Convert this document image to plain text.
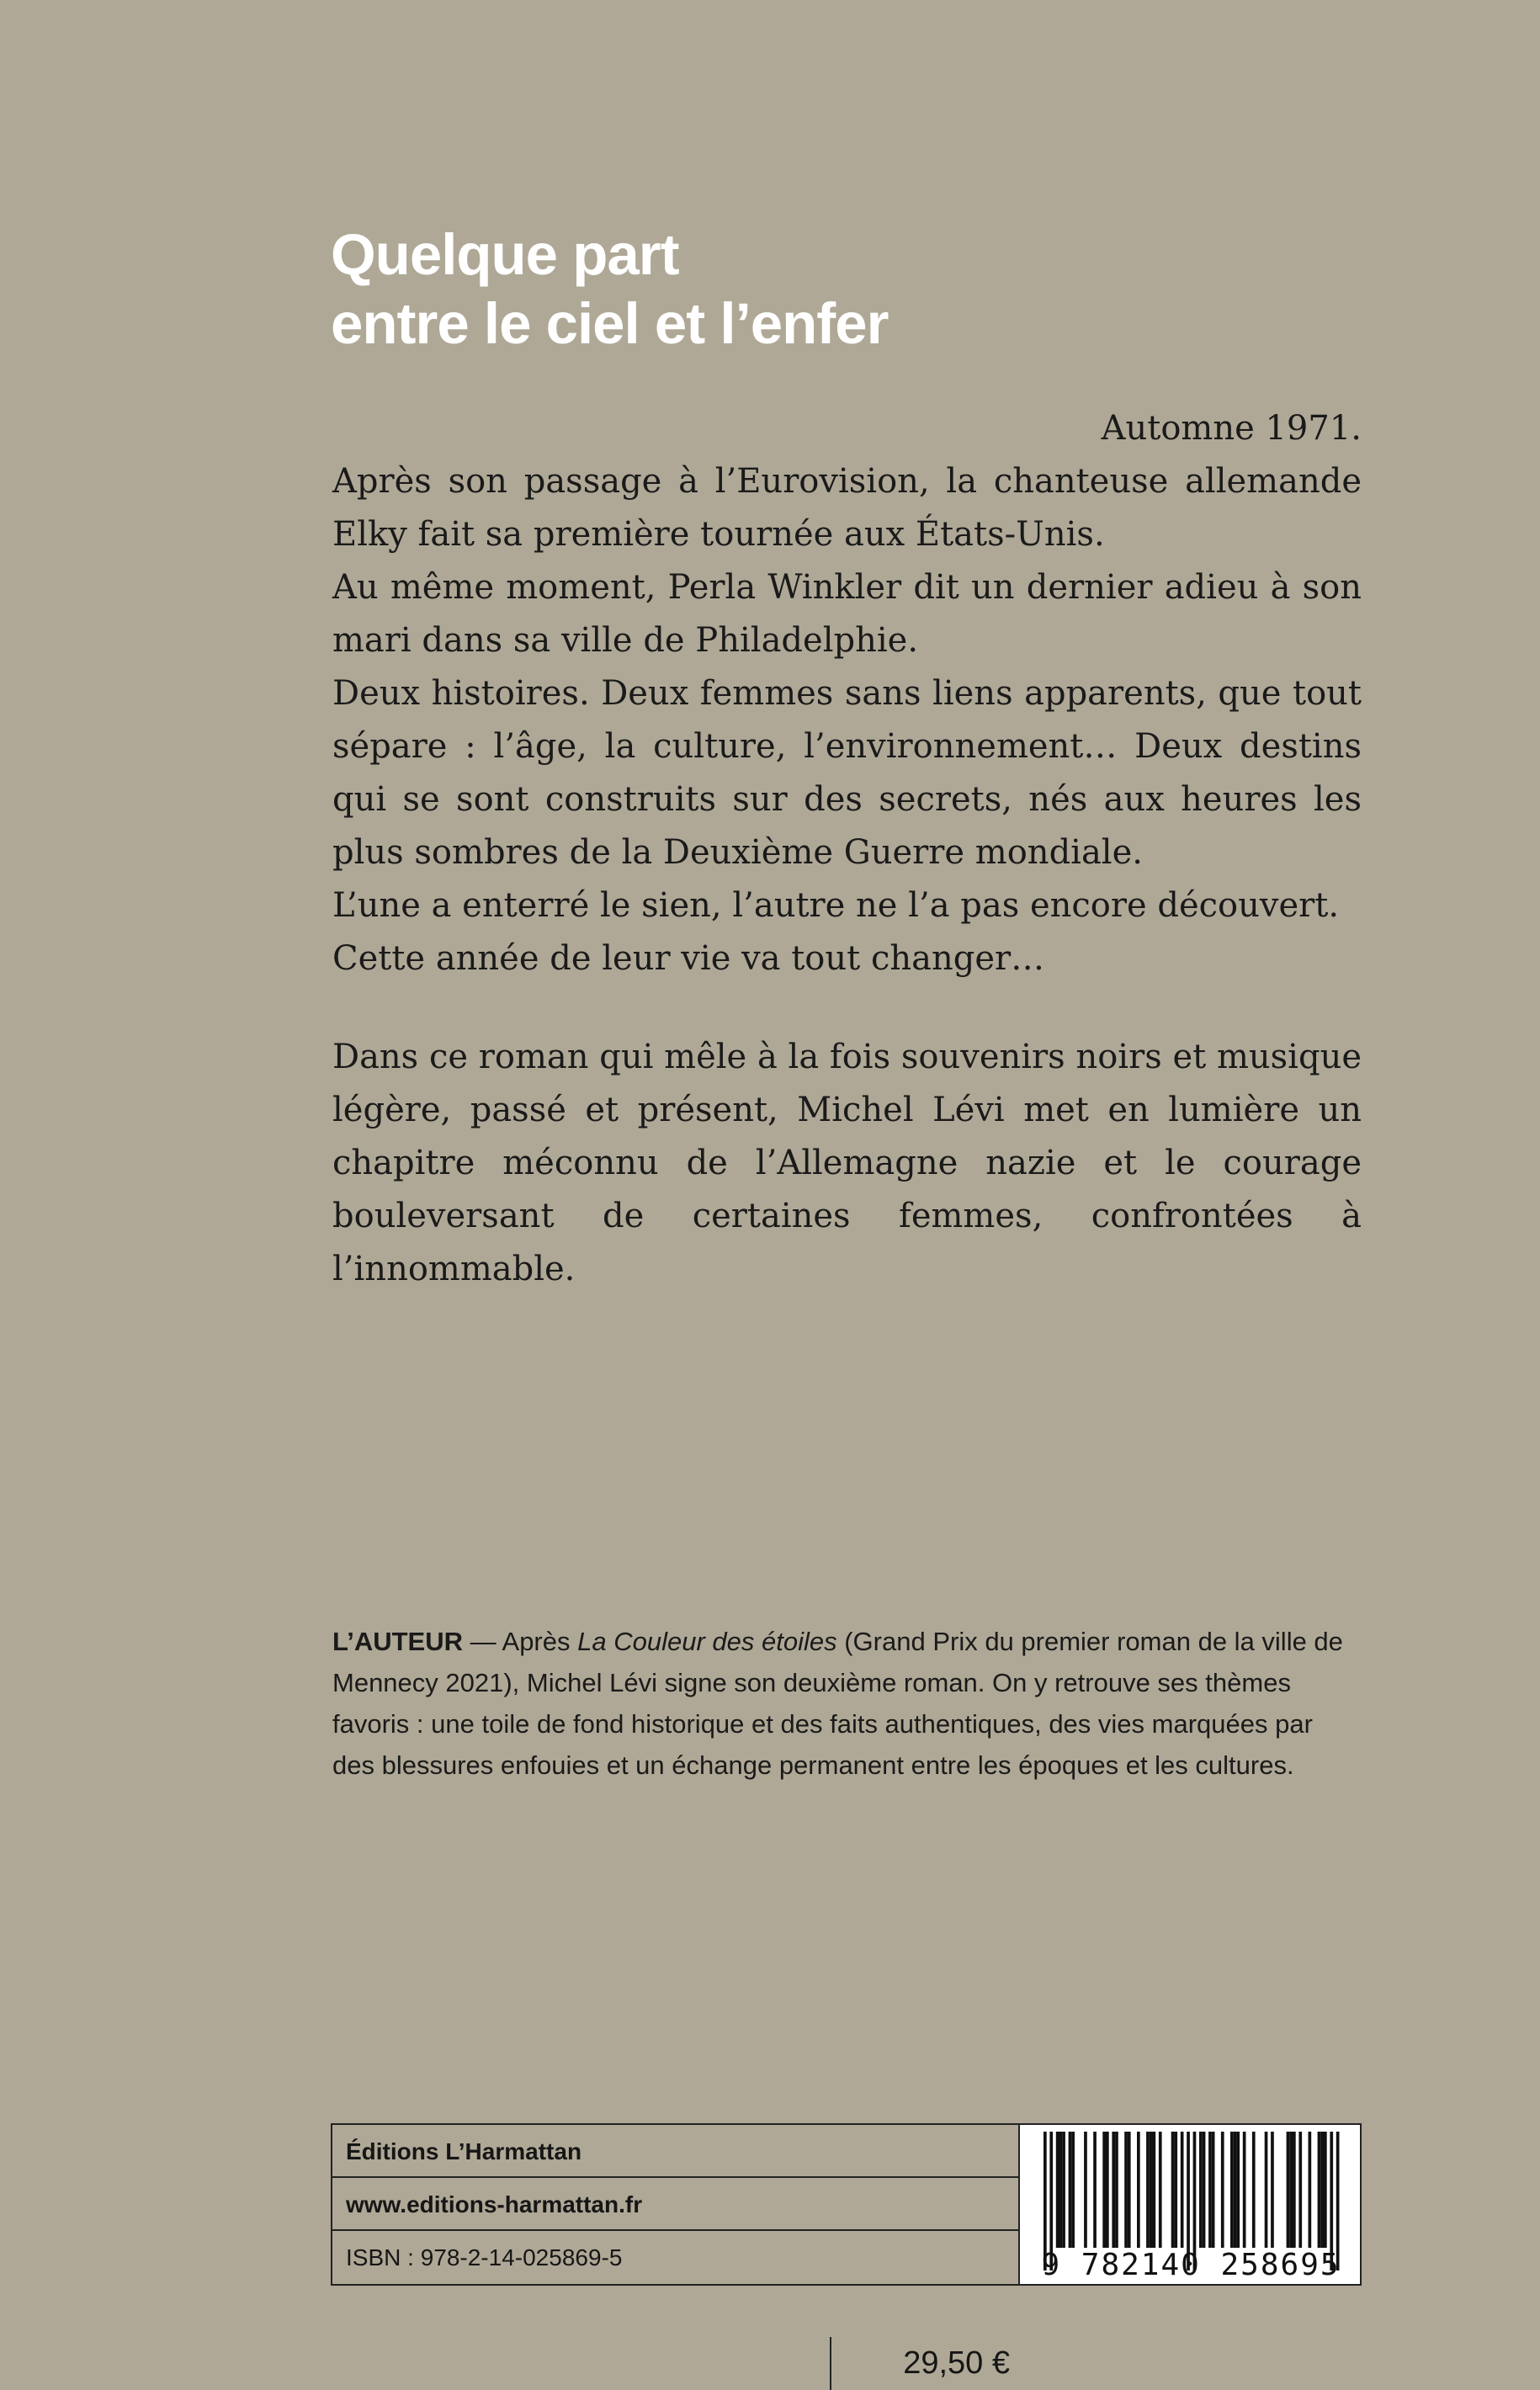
Quelque part
entre le ciel et l’enfer
Automne 1971.
Après son passage à l’Eurovision, la chanteuse allemande Elky fait sa première tournée aux États-Unis.
Au même moment, Perla Winkler dit un dernier adieu à son mari dans sa ville de Philadelphie.
Deux histoires. Deux femmes sans liens apparents, que tout sépare : l’âge, la culture, l’environnement… Deux destins qui se sont construits sur des secrets, nés aux heures les plus sombres de la Deuxième Guerre mondiale.
L’une a enterré le sien, l’autre ne l’a pas encore découvert.
Cette année de leur vie va tout changer…
Dans ce roman qui mêle à la fois souvenirs noirs et musique légère, passé et présent, Michel Lévi met en lumière un chapitre méconnu de l’Allemagne nazie et le courage bouleversant de certaines femmes, confrontées à l’innommable.
L’AUTEUR — Après La Couleur des étoiles (Grand Prix du premier roman de la ville de Mennecy 2021), Michel Lévi signe son deuxième roman. On y retrouve ses thèmes favoris : une toile de fond historique et des faits authentiques, des vies marquées par des blessures enfouies et un échange permanent entre les époques et les cultures.
Éditions L’Harmattan
www.editions-harmattan.fr
ISBN : 978-2-14-025869-5
29,50 €
9 782140 258695
